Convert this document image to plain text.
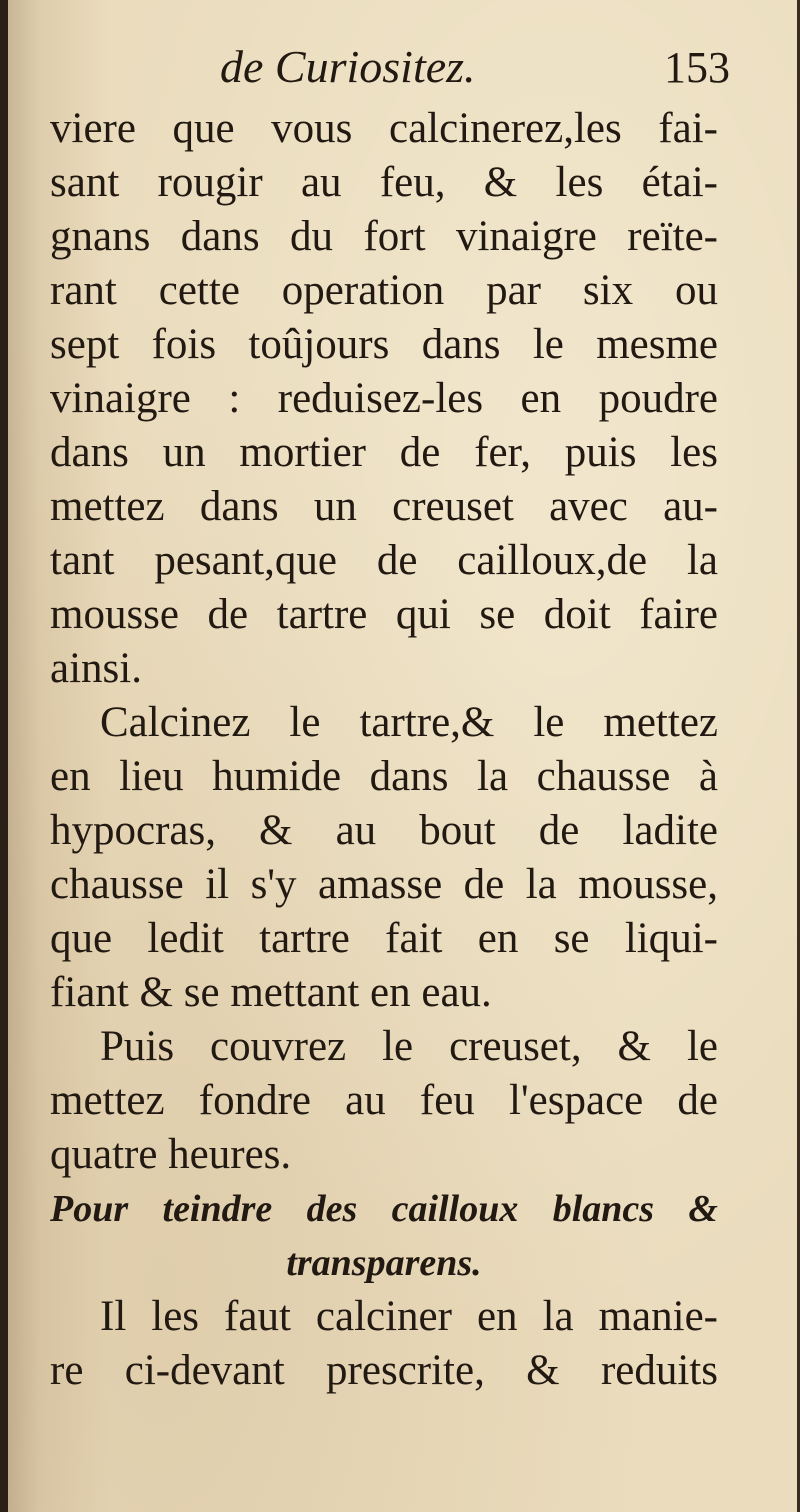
de Curiositez.	153
viere que vous calcinerez,les fai-
sant rougir au feu, & les étai-
gnans dans du fort vinaigre reïte-
rant cette operation par six ou
sept fois toûjours dans le mesme
vinaigre : reduisez-les en poudre
dans un mortier de fer, puis les
mettez dans un creuset avec au-
tant pesant,que de cailloux,de la
mousse de tartre qui se doit faire
ainsi.
Calcinez le tartre,& le mettez
en lieu humide dans la chausse à
hypocras, & au bout de ladite
chausse il s'y amasse de la mousse,
que ledit tartre fait en se liqui-
fiant & se mettant en eau.
Puis couvrez le creuset, & le
mettez fondre au feu l'espace de
quatre heures.
Pour teindre des cailloux blancs &
transparens.
Il les faut calciner en la manie-
re ci-devant prescrite, & reduits
